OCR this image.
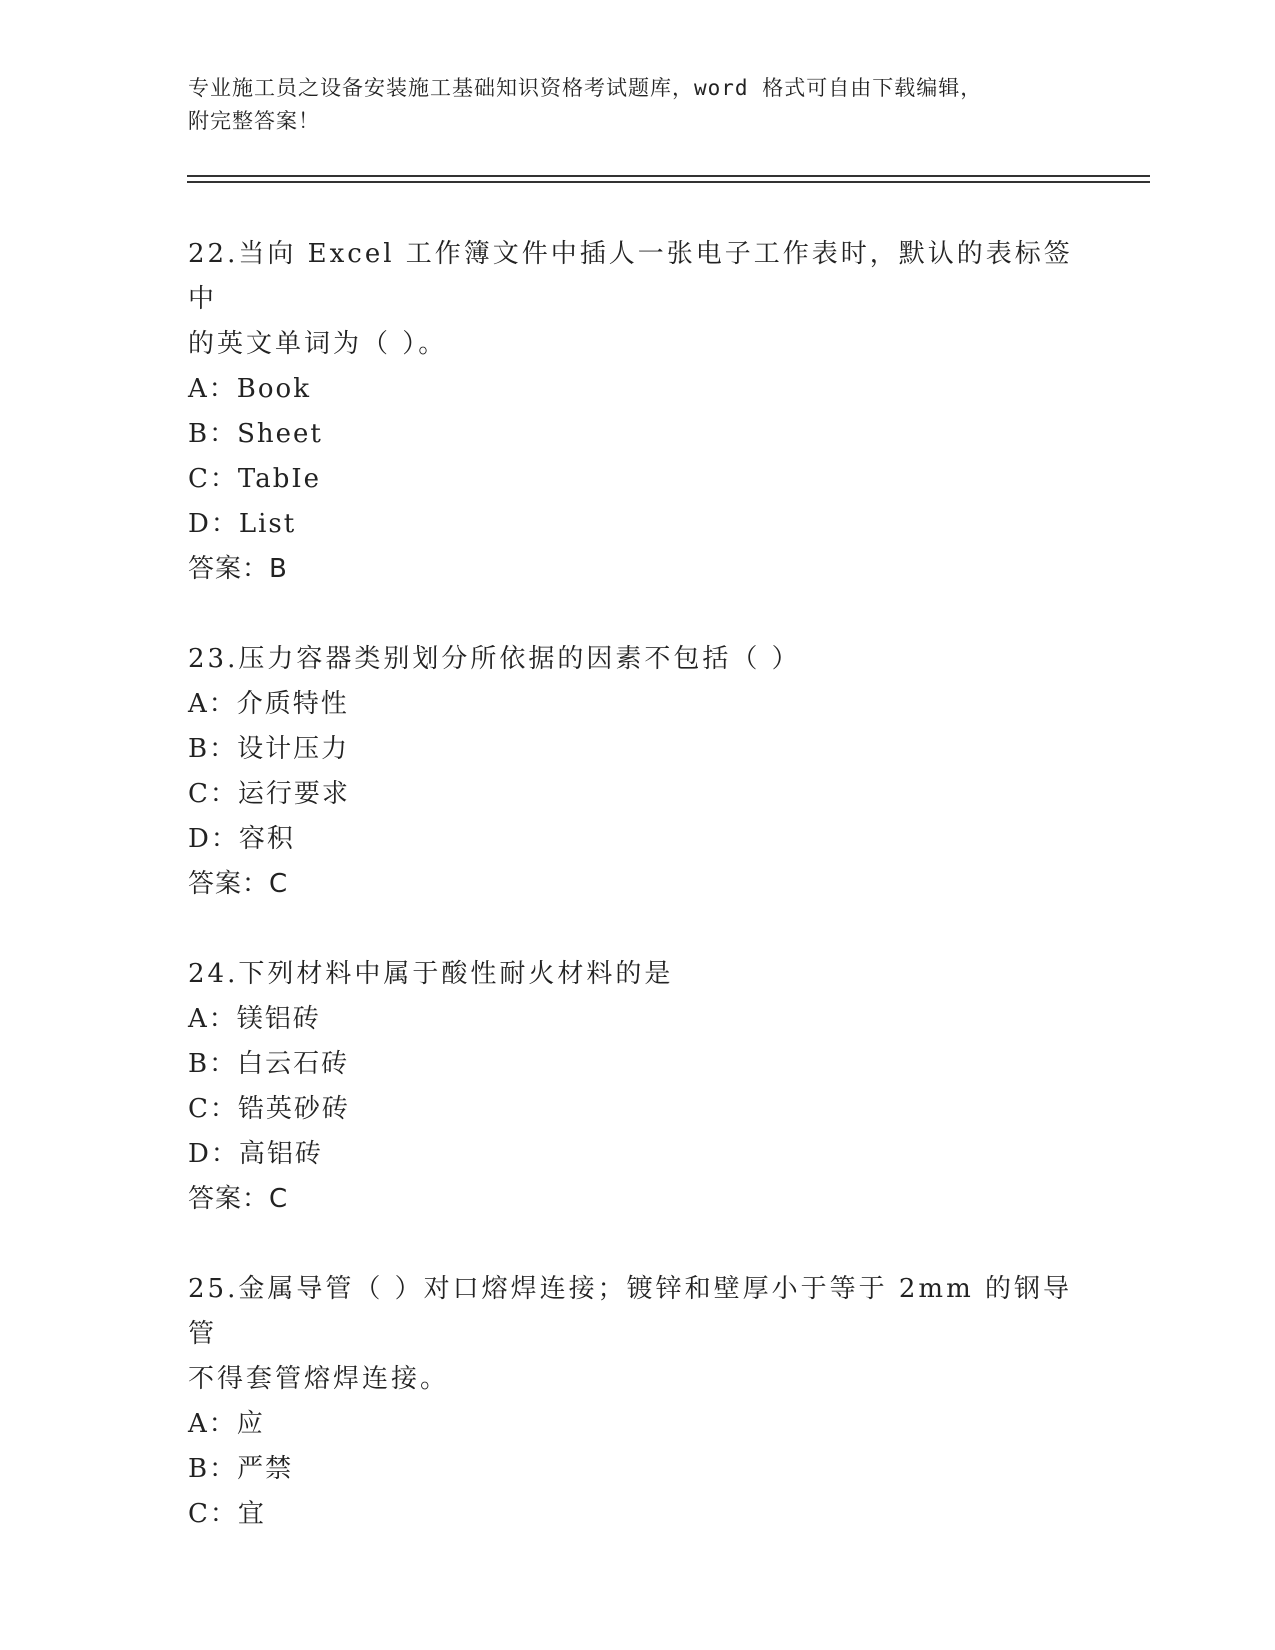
专业施工员之设备安装施工基础知识资格考试题库，word 格式可自由下载编辑，
附完整答案！
22.当向 Excel 工作簿文件中插人一张电子工作表时，默认的表标签中
的英文单词为（ ）。
A：Book
B：Sheet
C：TabIe
D：List
答案：B
23.压力容器类别划分所依据的因素不包括（ ）
A：介质特性
B：设计压力
C：运行要求
D：容积
答案：C
24.下列材料中属于酸性耐火材料的是
A：镁铝砖
B：白云石砖
C：锆英砂砖
D：高铝砖
答案：C
25.金属导管（ ）对口熔焊连接；镀锌和壁厚小于等于 2mm 的钢导管
不得套管熔焊连接。
A：应
B：严禁
C：宜
